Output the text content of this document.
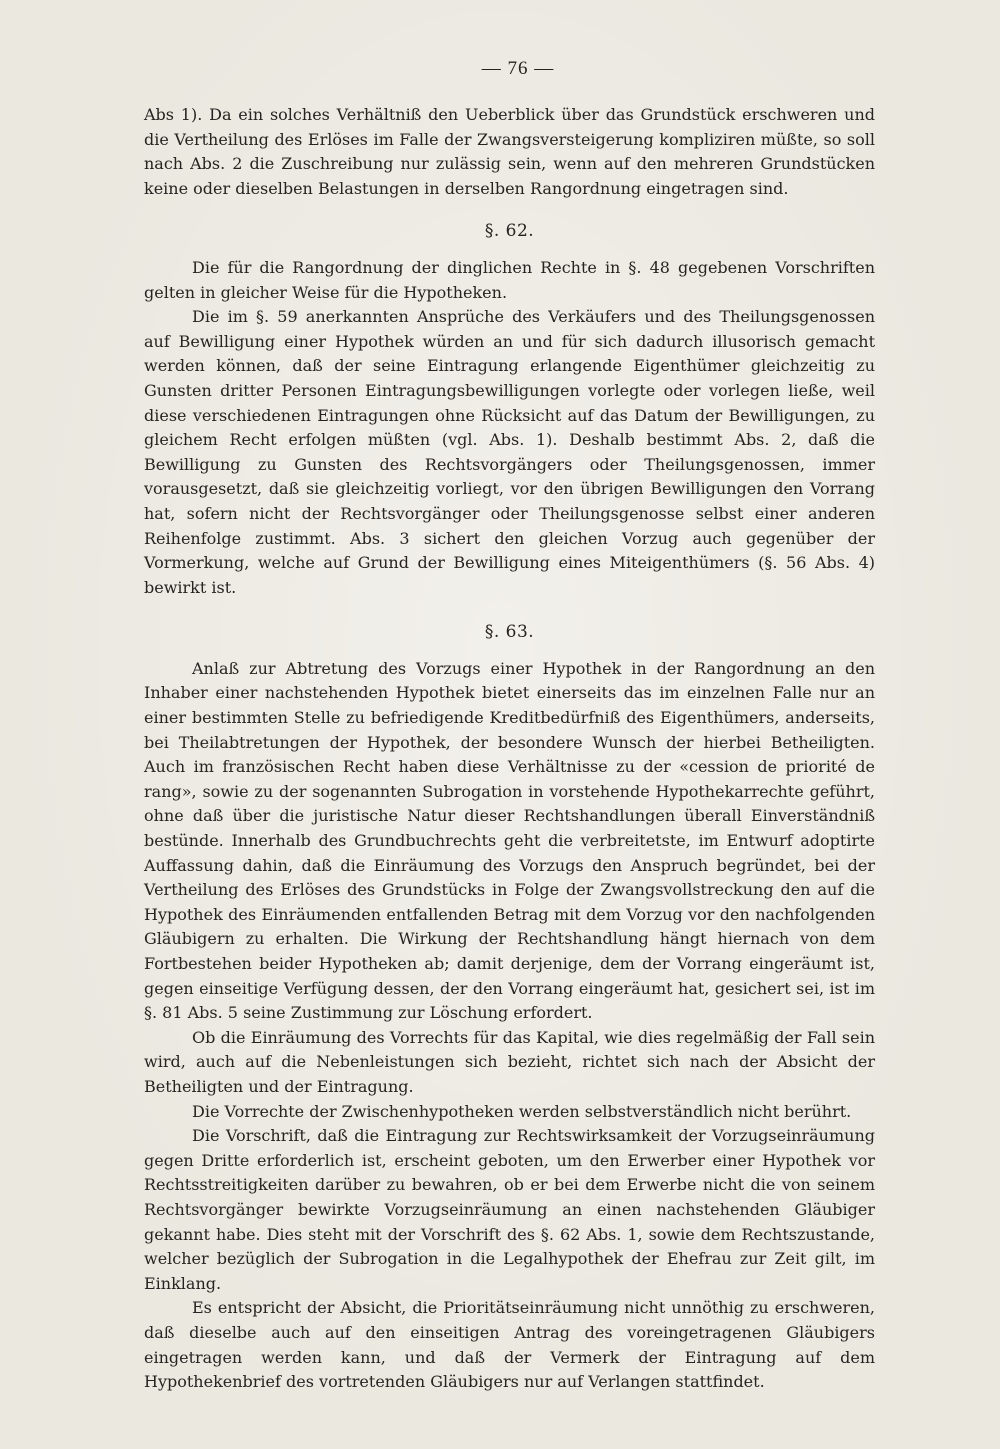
— 76 —

Abs 1). Da ein solches Verhältniß den Ueberblick über das Grundstück erschweren und die Vertheilung des Erlöses im Falle der Zwangsversteigerung kompliziren müßte, so soll nach Abs. 2 die Zuschreibung nur zulässig sein, wenn auf den mehreren Grundstücken keine oder dieselben Belastungen in derselben Rangordnung eingetragen sind.

§. 62.

Die für die Rangordnung der dinglichen Rechte in §. 48 gegebenen Vorschriften gelten in gleicher Weise für die Hypotheken.

Die im §. 59 anerkannten Ansprüche des Verkäufers und des Theilungsgenossen auf Bewilligung einer Hypothek würden an und für sich dadurch illusorisch gemacht werden können, daß der seine Eintragung erlangende Eigenthümer gleichzeitig zu Gunsten dritter Personen Eintragungsbewilligungen vorlegte oder vorlegen ließe, weil diese verschiedenen Eintragungen ohne Rücksicht auf das Datum der Bewilligungen, zu gleichem Recht erfolgen müßten (vgl. Abs. 1). Deshalb bestimmt Abs. 2, daß die Bewilligung zu Gunsten des Rechtsvorgängers oder Theilungsgenossen, immer vorausgesetzt, daß sie gleichzeitig vorliegt, vor den übrigen Bewilligungen den Vorrang hat, sofern nicht der Rechtsvorgänger oder Theilungsgenosse selbst einer anderen Reihenfolge zustimmt. Abs. 3 sichert den gleichen Vorzug auch gegenüber der Vormerkung, welche auf Grund der Bewilligung eines Miteigenthümers (§. 56 Abs. 4) bewirkt ist.

§. 63.

Anlaß zur Abtretung des Vorzugs einer Hypothek in der Rangordnung an den Inhaber einer nachstehenden Hypothek bietet einerseits das im einzelnen Falle nur an einer bestimmten Stelle zu befriedigende Kreditbedürfniß des Eigenthümers, anderseits, bei Theilabtretungen der Hypothek, der besondere Wunsch der hierbei Betheiligten. Auch im französischen Recht haben diese Verhältnisse zu der «cession de priorité de rang», sowie zu der sogenannten Subrogation in vorstehende Hypothekarrechte geführt, ohne daß über die juristische Natur dieser Rechtshandlungen überall Einverständniß bestünde. Innerhalb des Grundbuchrechts geht die verbreitetste, im Entwurf adoptirte Auffassung dahin, daß die Einräumung des Vorzugs den Anspruch begründet, bei der Vertheilung des Erlöses des Grundstücks in Folge der Zwangsvollstreckung den auf die Hypothek des Einräumenden entfallenden Betrag mit dem Vorzug vor den nachfolgenden Gläubigern zu erhalten. Die Wirkung der Rechtshandlung hängt hiernach von dem Fortbestehen beider Hypotheken ab; damit derjenige, dem der Vorrang eingeräumt ist, gegen einseitige Verfügung dessen, der den Vorrang eingeräumt hat, gesichert sei, ist im §. 81 Abs. 5 seine Zustimmung zur Löschung erfordert.

Ob die Einräumung des Vorrechts für das Kapital, wie dies regelmäßig der Fall sein wird, auch auf die Nebenleistungen sich bezieht, richtet sich nach der Absicht der Betheiligten und der Eintragung.

Die Vorrechte der Zwischenhypotheken werden selbstverständlich nicht berührt.

Die Vorschrift, daß die Eintragung zur Rechtswirksamkeit der Vorzugseinräumung gegen Dritte erforderlich ist, erscheint geboten, um den Erwerber einer Hypothek vor Rechtsstreitigkeiten darüber zu bewahren, ob er bei dem Erwerbe nicht die von seinem Rechtsvorgänger bewirkte Vorzugseinräumung an einen nachstehenden Gläubiger gekannt habe. Dies steht mit der Vorschrift des §. 62 Abs. 1, sowie dem Rechtszustande, welcher bezüglich der Subrogation in die Legalhypothek der Ehefrau zur Zeit gilt, im Einklang.

Es entspricht der Absicht, die Prioritätseinräumung nicht unnöthig zu erschweren, daß dieselbe auch auf den einseitigen Antrag des voreingetragenen Gläubigers eingetragen werden kann, und daß der Vermerk der Eintragung auf dem Hypothekenbrief des vortretenden Gläubigers nur auf Verlangen stattfindet.
